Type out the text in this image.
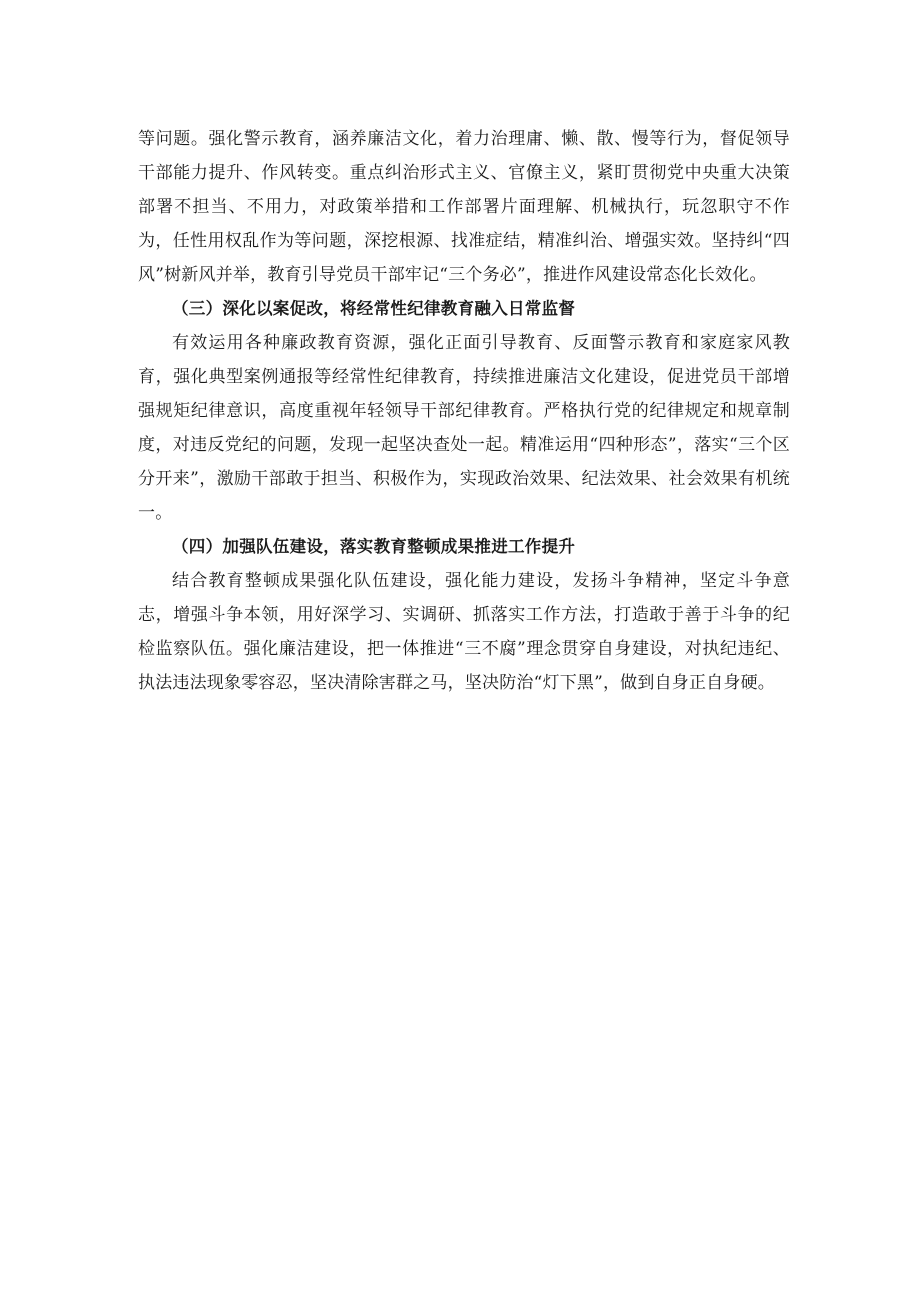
等问题。强化警示教育，涵养廉洁文化，着力治理庸、懒、散、慢等行为，督促领导干部能力提升、作风转变。重点纠治形式主义、官僚主义，紧盯贯彻党中央重大决策部署不担当、不用力，对政策举措和工作部署片面理解、机械执行，玩忽职守不作为，任性用权乱作为等问题，深挖根源、找准症结，精准纠治、增强实效。坚持纠“四风”树新风并举，教育引导党员干部牢记“三个务必”，推进作风建设常态化长效化。

（三）深化以案促改，将经常性纪律教育融入日常监督

有效运用各种廉政教育资源，强化正面引导教育、反面警示教育和家庭家风教育，强化典型案例通报等经常性纪律教育，持续推进廉洁文化建设，促进党员干部增强规矩纪律意识，高度重视年轻领导干部纪律教育。严格执行党的纪律规定和规章制度，对违反党纪的问题，发现一起坚决查处一起。精准运用“四种形态”，落实“三个区分开来”，激励干部敢于担当、积极作为，实现政治效果、纪法效果、社会效果有机统一。

（四）加强队伍建设，落实教育整顿成果推进工作提升

结合教育整顿成果强化队伍建设，强化能力建设，发扬斗争精神，坚定斗争意志，增强斗争本领，用好深学习、实调研、抓落实工作方法，打造敢于善于斗争的纪检监察队伍。强化廉洁建设，把一体推进“三不腐”理念贯穿自身建设，对执纪违纪、执法违法现象零容忍，坚决清除害群之马，坚决防治“灯下黑”，做到自身正自身硬。
